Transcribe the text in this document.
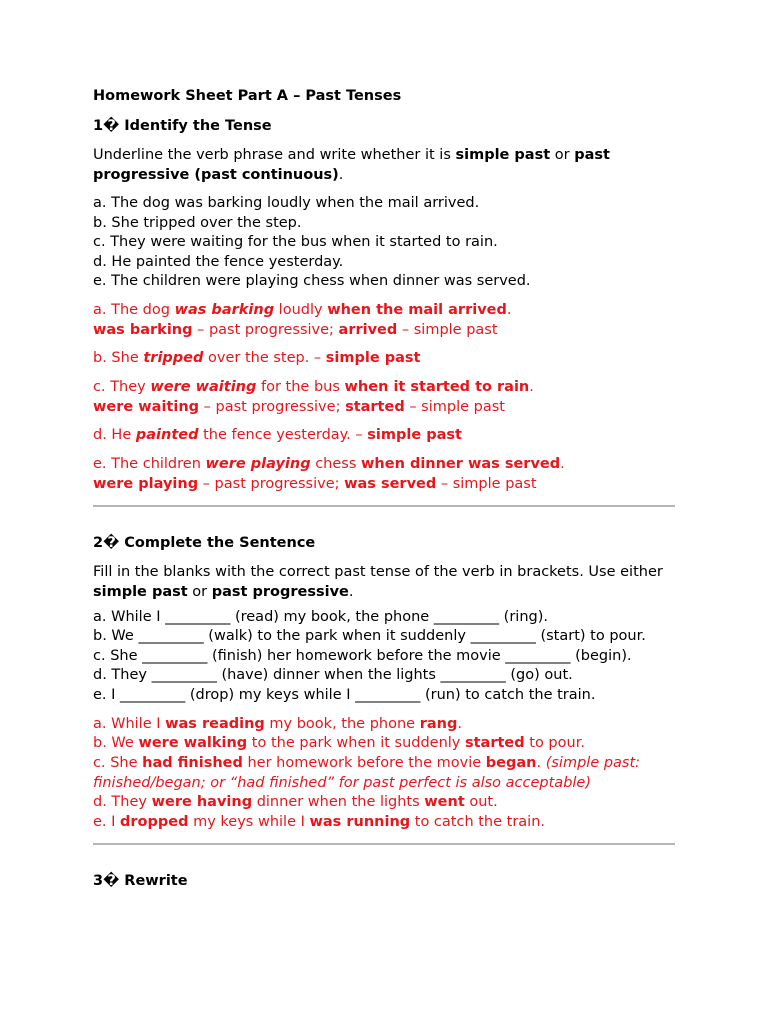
Homework Sheet Part A – Past Tenses
1� Identify the Tense

Underline the verb phrase and write whether it is simple past or past progressive (past continuous).

a. The dog was barking loudly when the mail arrived.
b. She tripped over the step.
c. They were waiting for the bus when it started to rain.
d. He painted the fence yesterday.
e. The children were playing chess when dinner was served.
a. The dog was barking loudly when the mail arrived.
was barking – past progressive; arrived – simple past
b. She tripped over the step. – simple past
c. They were waiting for the bus when it started to rain.
were waiting – past progressive; started – simple past
d. He painted the fence yesterday. – simple past
e. The children were playing chess when dinner was served.
were playing – past progressive; was served – simple past
2� Complete the Sentence

Fill in the blanks with the correct past tense of the verb in brackets. Use either simple past or past progressive.

a. While I _________ (read) my book, the phone _________ (ring).
b. We _________ (walk) to the park when it suddenly _________ (start) to pour.
c. She _________ (finish) her homework before the movie _________ (begin).
d. They _________ (have) dinner when the lights _________ (go) out.
e. I _________ (drop) my keys while I _________ (run) to catch the train.
a. While I was reading my book, the phone rang.
b. We were walking to the park when it suddenly started to pour.
c. She had finished her homework before the movie began. (simple past: finished/began; or “had finished” for past perfect is also acceptable)
d. They were having dinner when the lights went out.
e. I dropped my keys while I was running to catch the train.
3� Rewrite
